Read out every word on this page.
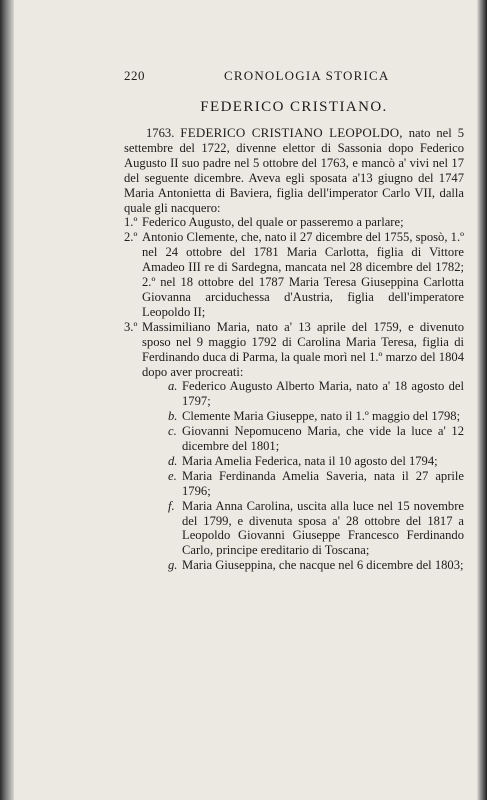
220	CRONOLOGIA STORICA
FEDERICO CRISTIANO.

1763. FEDERICO CRISTIANO LEOPOLDO, nato nel 5 settembre del 1722, divenne elettor di Sassonia dopo Federico Augusto II suo padre nel 5 ottobre del 1763, e mancò a' vivi nel 17 del seguente dicembre. Aveva egli sposata a'13 giugno del 1747 Maria Antonietta di Baviera, figlia dell'imperator Carlo VII, dalla quale gli nacquero:

1.º Federico Augusto, del quale or passeremo a parlare;

2.º Antonio Clemente, che, nato il 27 dicembre del 1755, sposò, 1.º nel 24 ottobre del 1781 Maria Carlotta, figlia di Vittore Amadeo III re di Sardegna, mancata nel 28 dicembre del 1782; 2.º nel 18 ottobre del 1787 Maria Teresa Giuseppina Carlotta Giovanna arciduchessa d'Austria, figlia dell'imperatore Leopoldo II;

3.º Massimiliano Maria, nato a' 13 aprile del 1759, e divenuto sposo nel 9 maggio 1792 di Carolina Maria Teresa, figlia di Ferdinando duca di Parma, la quale morì nel 1.º marzo del 1804 dopo aver procreati:

a. Federico Augusto Alberto Maria, nato a' 18 agosto del 1797;

b. Clemente Maria Giuseppe, nato il 1.º maggio del 1798;

c. Giovanni Nepomuceno Maria, che vide la luce a' 12 dicembre del 1801;

d. Maria Amelia Federica, nata il 10 agosto del 1794;

e. Maria Ferdinanda Amelia Saveria, nata il 27 aprile 1796;

f. Maria Anna Carolina, uscita alla luce nel 15 novembre del 1799, e divenuta sposa a' 28 ottobre del 1817 a Leopoldo Giovanni Giuseppe Francesco Ferdinando Carlo, principe ereditario di Toscana;

g. Maria Giuseppina, che nacque nel 6 dicembre del 1803;
